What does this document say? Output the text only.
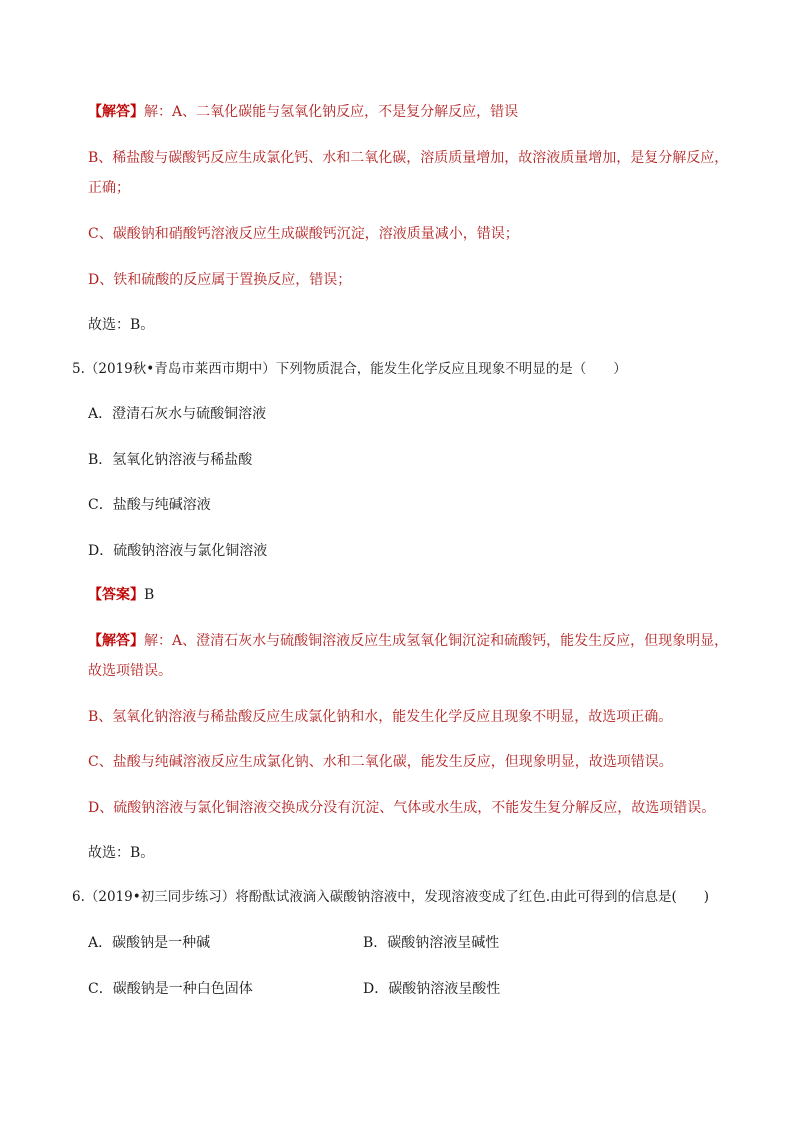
【解答】解：A、二氧化碳能与氢氧化钠反应，不是复分解反应，错误
B、稀盐酸与碳酸钙反应生成氯化钙、水和二氧化碳，溶质质量增加，故溶液质量增加，是复分解反应，
正确；
C、碳酸钠和硝酸钙溶液反应生成碳酸钙沉淀，溶液质量减小，错误；
D、铁和硫酸的反应属于置换反应，错误；
故选：B。
5.（2019秋•青岛市莱西市期中）下列物质混合，能发生化学反应且现象不明显的是（　　）
A．澄清石灰水与硫酸铜溶液
B．氢氧化钠溶液与稀盐酸
C．盐酸与纯碱溶液
D．硫酸钠溶液与氯化铜溶液
【答案】B
【解答】解：A、澄清石灰水与硫酸铜溶液反应生成氢氧化铜沉淀和硫酸钙，能发生反应，但现象明显，
故选项错误。
B、氢氧化钠溶液与稀盐酸反应生成氯化钠和水，能发生化学反应且现象不明显，故选项正确。
C、盐酸与纯碱溶液反应生成氯化钠、水和二氧化碳，能发生反应，但现象明显，故选项错误。
D、硫酸钠溶液与氯化铜溶液交换成分没有沉淀、气体或水生成，不能发生复分解反应，故选项错误。
故选：B。
6.（2019•初三同步练习）将酚酞试液滴入碳酸钠溶液中，发现溶液变成了红色.由此可得到的信息是(　　)
A．碳酸钠是一种碱	B．碳酸钠溶液呈碱性
C．碳酸钠是一种白色固体	D．碳酸钠溶液呈酸性
